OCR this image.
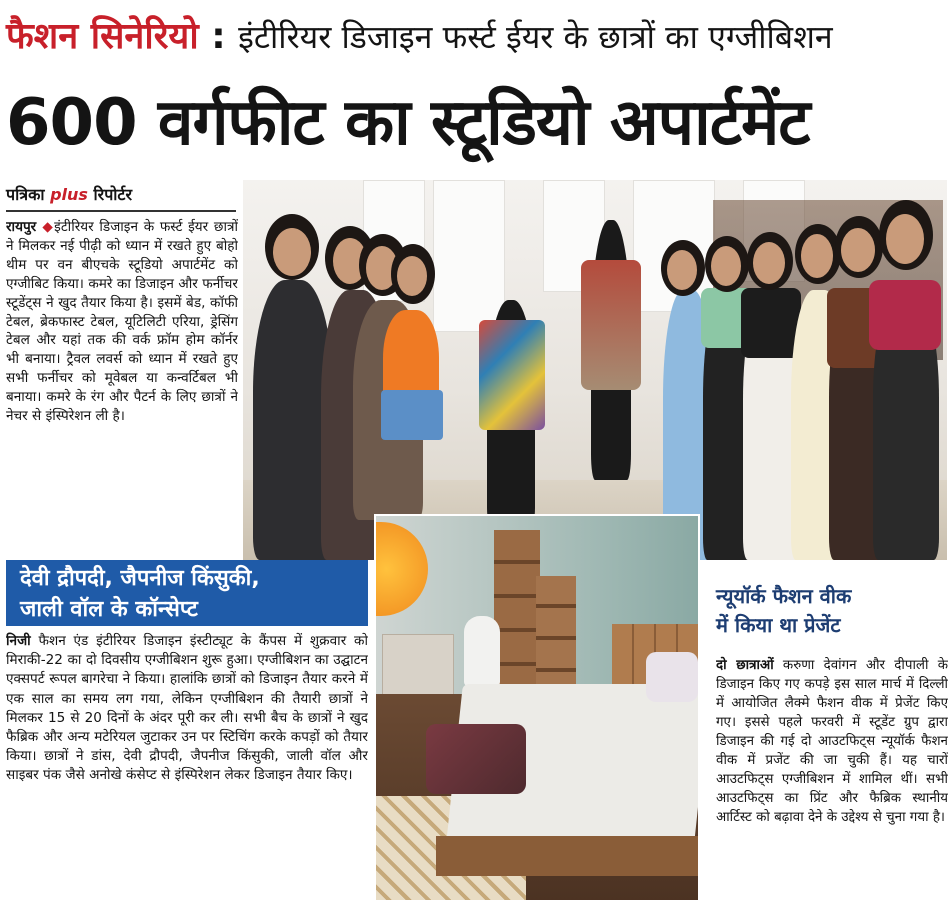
फैशन सिनेरियो : इंटीरियर डिजाइन फर्स्ट ईयर के छात्रों का एग्जीबिशन
600 वर्गफीट का स्टूडियो अपार्टमेंट
पत्रिका plus रिपोर्टर
रायपुर ◆ इंटीरियर डिजाइन के फर्स्ट ईयर छात्रों ने मिलकर नई पीढ़ी को ध्यान में रखते हुए बोहो थीम पर वन बीएचके स्टूडियो अपार्टमेंट को एग्जीबिट किया। कमरे का डिजाइन और फर्नीचर स्टूडेंट्स ने खुद तैयार किया है। इसमें बेड, कॉफी टेबल, ब्रेकफास्ट टेबल, यूटिलिटी एरिया, ड्रेसिंग टेबल और यहां तक की वर्क फ्रॉम होम कॉर्नर भी बनाया। ट्रैवल लवर्स को ध्यान में रखते हुए सभी फर्नीचर को मूवेबल या कन्वर्टिबल भी बनाया। कमरे के रंग और पैटर्न के लिए छात्रों ने नेचर से इंस्पिरेशन ली है।
देवी द्रौपदी, जैपनीज किंसुकी,
जाली वॉल के कॉन्सेप्ट
निजी फैशन एंड इंटीरियर डिजाइन इंस्टीट्यूट के कैंपस में शुक्रवार को मिराकी-22 का दो दिवसीय एग्जीबिशन शुरू हुआ। एग्जीबिशन का उद्घाटन एक्सपर्ट रूपल बागरेचा ने किया। हालांकि छात्रों को डिजाइन तैयार करने में एक साल का समय लग गया, लेकिन एग्जीबिशन की तैयारी छात्रों ने मिलकर 15 से 20 दिनों के अंदर पूरी कर ली। सभी बैच के छात्रों ने खुद फैब्रिक और अन्य मटेरियल जुटाकर उन पर स्टिचिंग करके कपड़ों को तैयार किया। छात्रों ने डांस, देवी द्रौपदी, जैपनीज किंसुकी, जाली वॉल और साइबर पंक जैसे अनोखे कंसेप्ट से इंस्पिरेशन लेकर डिजाइन तैयार किए।
न्यूयॉर्क फैशन वीक
में किया था प्रेजेंट
दो छात्राओं करुणा देवांगन और दीपाली के डिजाइन किए गए कपड़े इस साल मार्च में दिल्ली में आयोजित लैक्मे फैशन वीक में प्रेजेंट किए गए। इससे पहले फरवरी में स्टूडेंट ग्रुप द्वारा डिजाइन की गई दो आउटफिट्स न्यूयॉर्क फैशन वीक में प्रजेंट की जा चुकी हैं। यह चारों आउटफिट्स एग्जीबिशन में शामिल थीं। सभी आउटफिट्स का प्रिंट और फैब्रिक स्थानीय आर्टिस्ट को बढ़ावा देने के उद्देश्य से चुना गया है।
